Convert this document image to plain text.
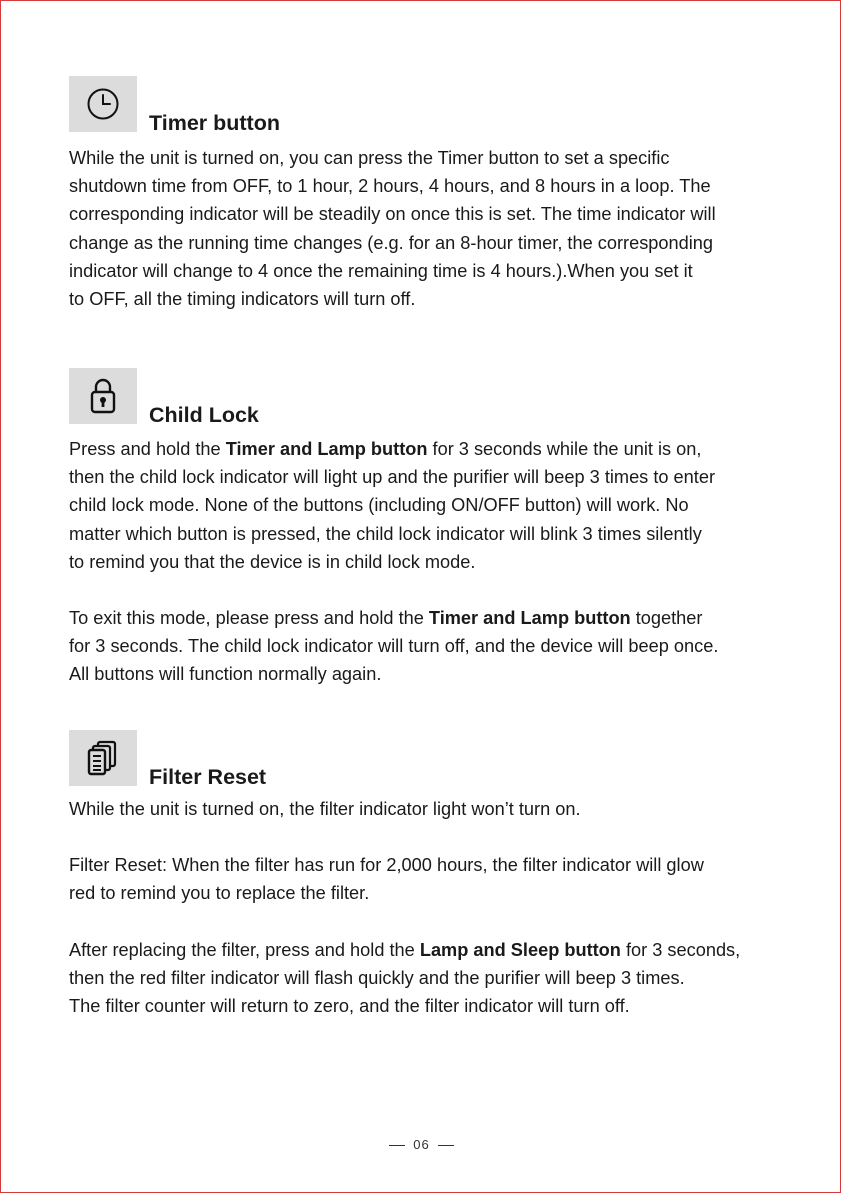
Timer button

While the unit is turned on, you can press the Timer button to set a specific
shutdown time from OFF, to 1 hour, 2 hours, 4 hours, and 8 hours in a loop. The
corresponding indicator will be steadily on once this is set. The time indicator will
change as the running time changes (e.g. for an 8-hour timer, the corresponding
indicator will change to 4 once the remaining time is 4 hours.).When you set it
to OFF, all the timing indicators will turn off.

Child Lock

Press and hold the Timer and Lamp button for 3 seconds while the unit is on,
then the child lock indicator will light up and the purifier will beep 3 times to enter
child lock mode. None of the buttons (including ON/OFF button) will work. No
matter which button is pressed, the child lock indicator will blink 3 times silently
to remind you that the device is in child lock mode.

To exit this mode, please press and hold the Timer and Lamp button together
for 3 seconds. The child lock indicator will turn off, and the device will beep once.
All buttons will function normally again.

Filter Reset

While the unit is turned on, the filter indicator light won’t turn on.

Filter Reset: When the filter has run for 2,000 hours, the filter indicator will glow
red to remind you to replace the filter.

After replacing the filter, press and hold the Lamp and Sleep button for 3 seconds,
then the red filter indicator will flash quickly and the purifier will beep 3 times.
The filter counter will return to zero, and the filter indicator will turn off.

06
